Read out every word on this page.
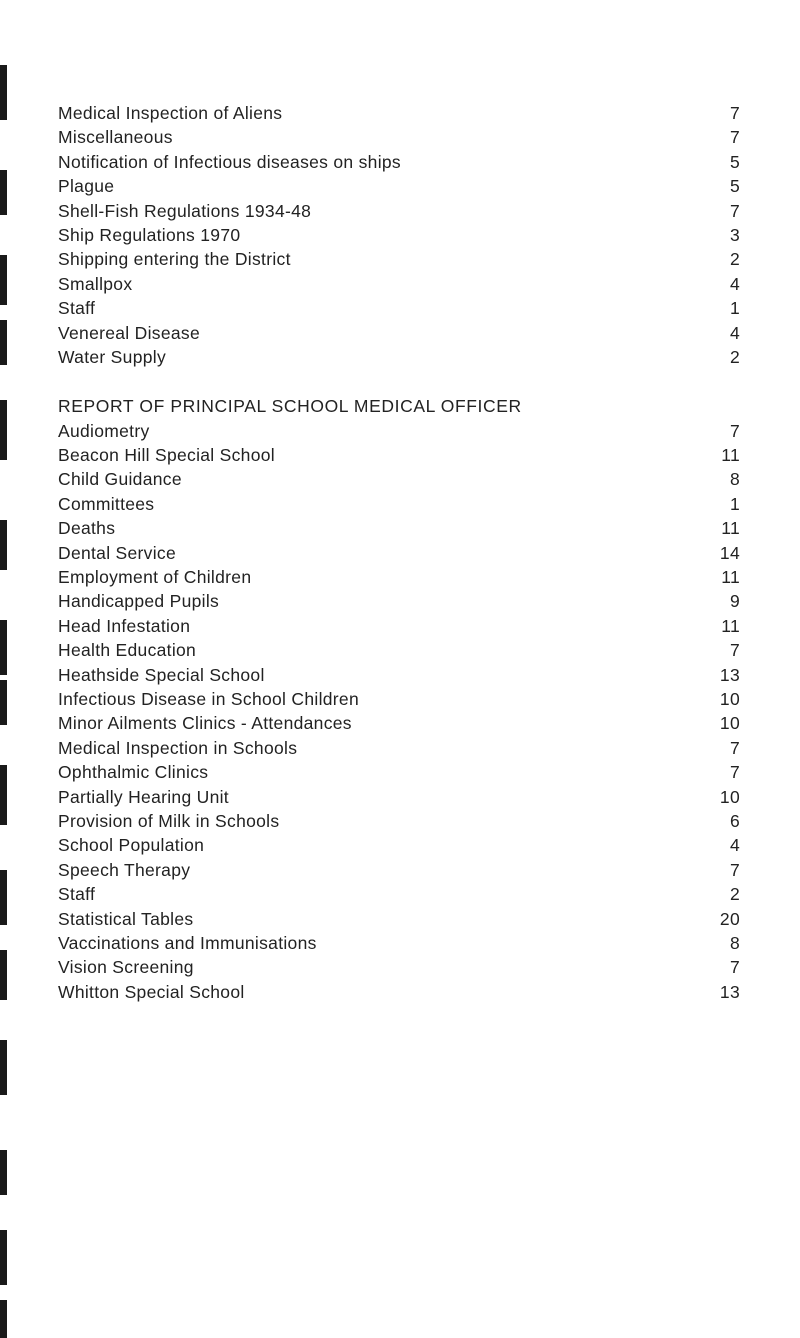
Medical Inspection of Aliens	7
Miscellaneous	7
Notification of Infectious diseases on ships	5
Plague	5
Shell-Fish Regulations 1934-48	7
Ship Regulations 1970	3
Shipping entering the District	2
Smallpox	4
Staff	1
Venereal Disease	4
Water Supply	2
REPORT OF PRINCIPAL SCHOOL MEDICAL OFFICER
Audiometry	7
Beacon Hill Special School	11
Child Guidance	8
Committees	1
Deaths	11
Dental Service	14
Employment of Children	11
Handicapped Pupils	9
Head Infestation	11
Health Education	7
Heathside Special School	13
Infectious Disease in School Children	10
Minor Ailments Clinics - Attendances	10
Medical Inspection in Schools	7
Ophthalmic Clinics	7
Partially Hearing Unit	10
Provision of Milk in Schools	6
School Population	4
Speech Therapy	7
Staff	2
Statistical Tables	20
Vaccinations and Immunisations	8
Vision Screening	7
Whitton Special School	13
